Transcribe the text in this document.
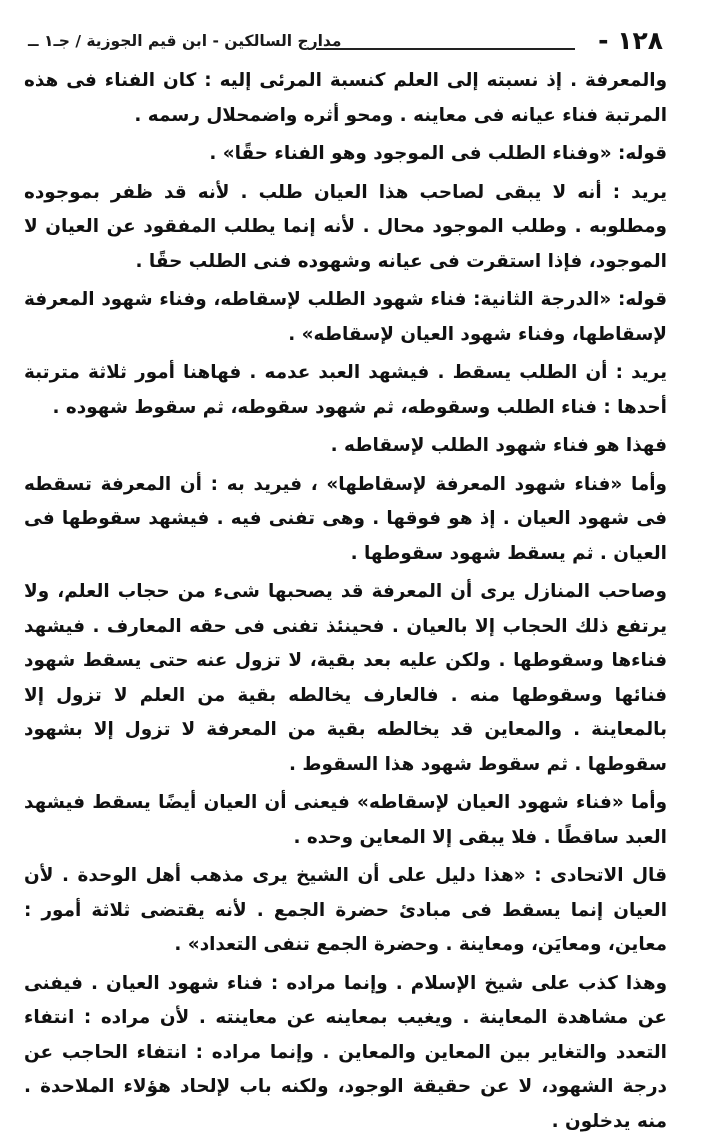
- ١٢٨
مدارج السالكين - ابن قيم الجوزية / جـ١ ــ

والمعرفة . إذ نسبته إلى العلم كنسبة المرئى إليه : كان الفناء فى هذه المرتبة فناء عيانه فى معاينه . ومحو أثره واضمحلال رسمه .

قوله: «وفناء الطلب فى الموجود وهو الفناء حقًا» .

يريد : أنه لا يبقى لصاحب هذا العيان طلب . لأنه قد ظفر بموجوده ومطلوبه . وطلب الموجود محال . لأنه إنما يطلب المفقود عن العيان لا الموجود، فإذا استقرت فى عيانه وشهوده فنى الطلب حقًا .

قوله: «الدرجة الثانية: فناء شهود الطلب لإسقاطه، وفناء شهود المعرفة لإسقاطها، وفناء شهود العيان لإسقاطه» .

يريد : أن الطلب يسقط . فيشهد العبد عدمه . فهاهنا أمور ثلاثة مترتبة أحدها : فناء الطلب وسقوطه، ثم شهود سقوطه، ثم سقوط شهوده .

فهذا هو فناء شهود الطلب لإسقاطه .

وأما «فناء شهود المعرفة لإسقاطها» ، فيريد به : أن المعرفة تسقطه فى شهود العيان . إذ هو فوقها . وهى تفنى فيه . فيشهد سقوطها فى العيان . ثم يسقط شهود سقوطها .

وصاحب المنازل يرى أن المعرفة قد يصحبها شىء من حجاب العلم، ولا يرتفع ذلك الحجاب إلا بالعيان . فحينئذ تفنى فى حقه المعارف . فيشهد فناءها وسقوطها . ولكن عليه بعد بقية، لا تزول عنه حتى يسقط شهود فنائها وسقوطها منه . فالعارف يخالطه بقية من العلم لا تزول إلا بالمعاينة . والمعاين قد يخالطه بقية من المعرفة لا تزول إلا بشهود سقوطها . ثم سقوط شهود هذا السقوط .

وأما «فناء شهود العيان لإسقاطه» فيعنى أن العيان أيضًا يسقط فيشهد العبد ساقطًا . فلا يبقى إلا المعاين وحده .

قال الاتحادى : «هذا دليل على أن الشيخ يرى مذهب أهل الوحدة . لأن العيان إنما يسقط فى مبادئ حضرة الجمع . لأنه يقتضى ثلاثة أمور : معاين، ومعايَن، ومعاينة . وحضرة الجمع تنفى التعداد» .

وهذا كذب على شيخ الإسلام . وإنما مراده : فناء شهود العيان . فيفنى عن مشاهدة المعاينة . ويغيب بمعاينه عن معاينته . لأن مراده : انتفاء التعدد والتغاير بين المعاين والمعاين . وإنما مراده : انتفاء الحاجب عن درجة الشهود، لا عن حقيقة الوجود، ولكنه باب لإلحاد هؤلاء الملاحدة . منه يدخلون .
